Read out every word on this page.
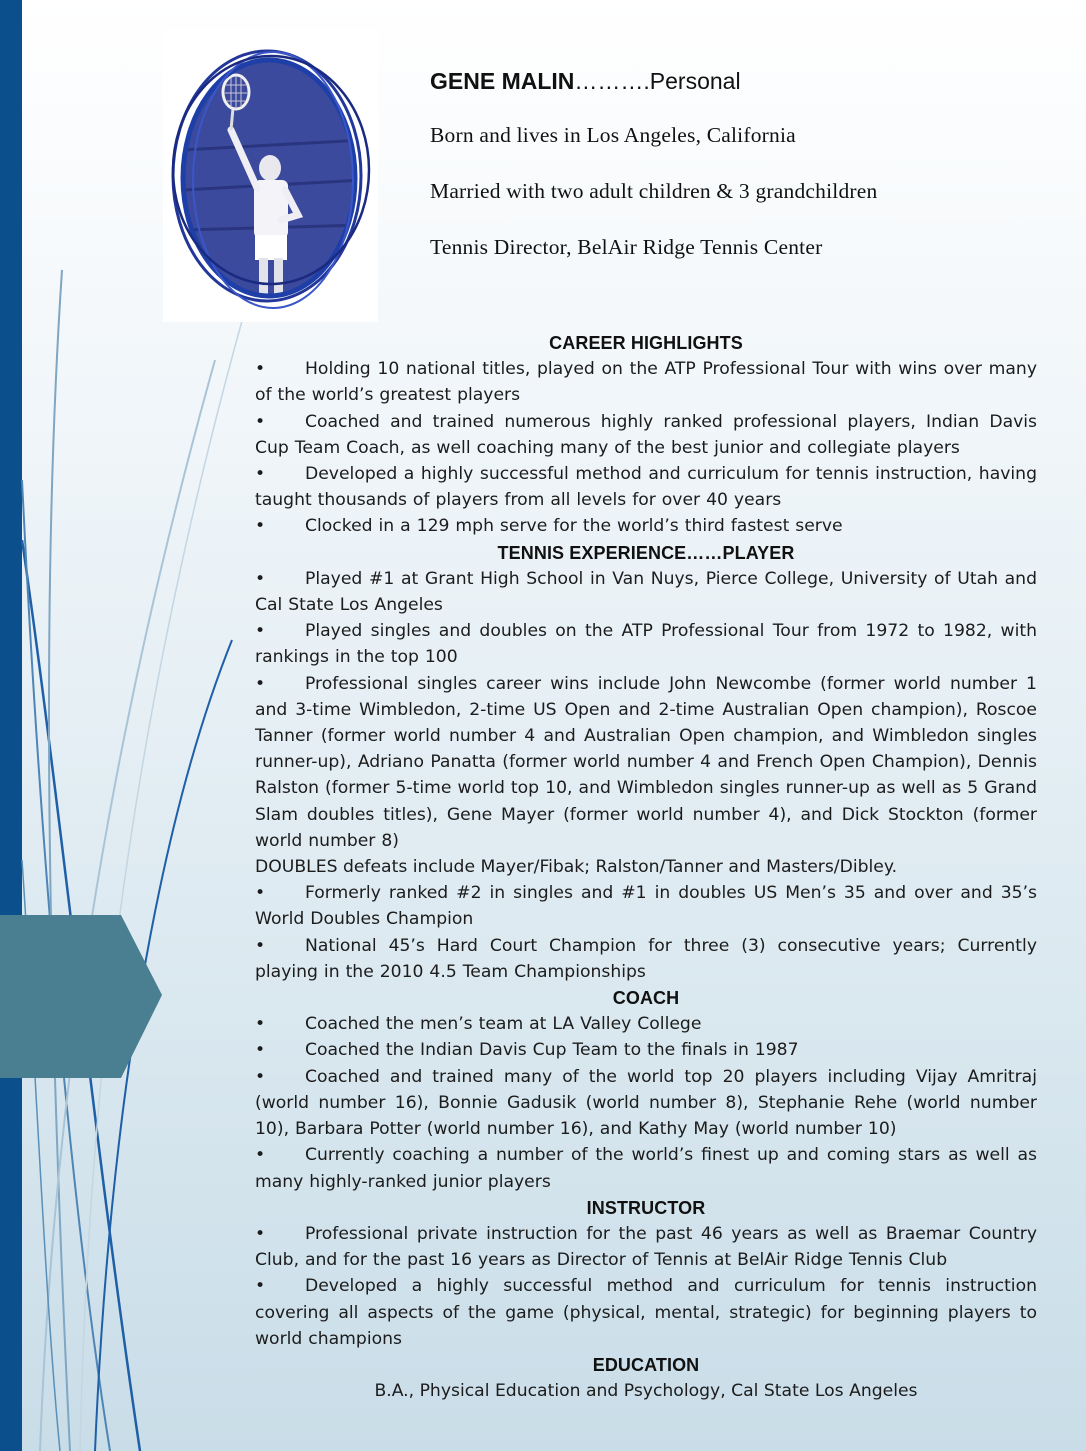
GENE MALIN……….Personal
Born and lives in Los Angeles, California
Married with two adult children & 3 grandchildren
Tennis Director, BelAir Ridge Tennis Center

CAREER HIGHLIGHTS

• Holding 10 national titles, played on the ATP Professional Tour with wins over many of the world’s greatest players

• Coached and trained numerous highly ranked professional players, Indian Davis Cup Team Coach, as well coaching many of the best junior and collegiate players

• Developed a highly successful method and curriculum for tennis instruction, having taught thousands of players from all levels for over 40 years

• Clocked in a 129 mph serve for the world’s third fastest serve

TENNIS EXPERIENCE……PLAYER

• Played #1 at Grant High School in Van Nuys, Pierce College, University of Utah and Cal State Los Angeles

• Played singles and doubles on the ATP Professional Tour from 1972 to 1982, with rankings in the top 100

• Professional singles career wins include John Newcombe (former world number 1 and 3-time Wimbledon, 2-time US Open and 2-time Australian Open champion), Roscoe Tanner (former world number 4 and Australian Open champion, and Wimbledon singles runner-up), Adriano Panatta (former world number 4 and French Open Champion), Dennis Ralston (former 5-time world top 10, and Wimbledon singles runner-up as well as 5 Grand Slam doubles titles), Gene Mayer (former world number 4), and Dick Stockton (former world number 8)

DOUBLES defeats include Mayer/Fibak; Ralston/Tanner and Masters/Dibley.

• Formerly ranked #2 in singles and #1 in doubles US Men’s 35 and over and 35’s World Doubles Champion

• National 45’s Hard Court Champion for three (3) consecutive years; Currently playing in the 2010 4.5 Team Championships

COACH

• Coached the men’s team at LA Valley College

• Coached the Indian Davis Cup Team to the finals in 1987

• Coached and trained many of the world top 20 players including Vijay Amritraj (world number 16), Bonnie Gadusik (world number 8), Stephanie Rehe (world number 10), Barbara Potter (world number 16), and Kathy May (world number 10)

• Currently coaching a number of the world’s finest up and coming stars as well as many highly-ranked junior players

INSTRUCTOR

• Professional private instruction for the past 46 years as well as Braemar Country Club, and for the past 16 years as Director of Tennis at BelAir Ridge Tennis Club

• Developed a highly successful method and curriculum for tennis instruction covering all aspects of the game (physical, mental, strategic) for beginning players to world champions

EDUCATION

B.A., Physical Education and Psychology, Cal State Los Angeles
